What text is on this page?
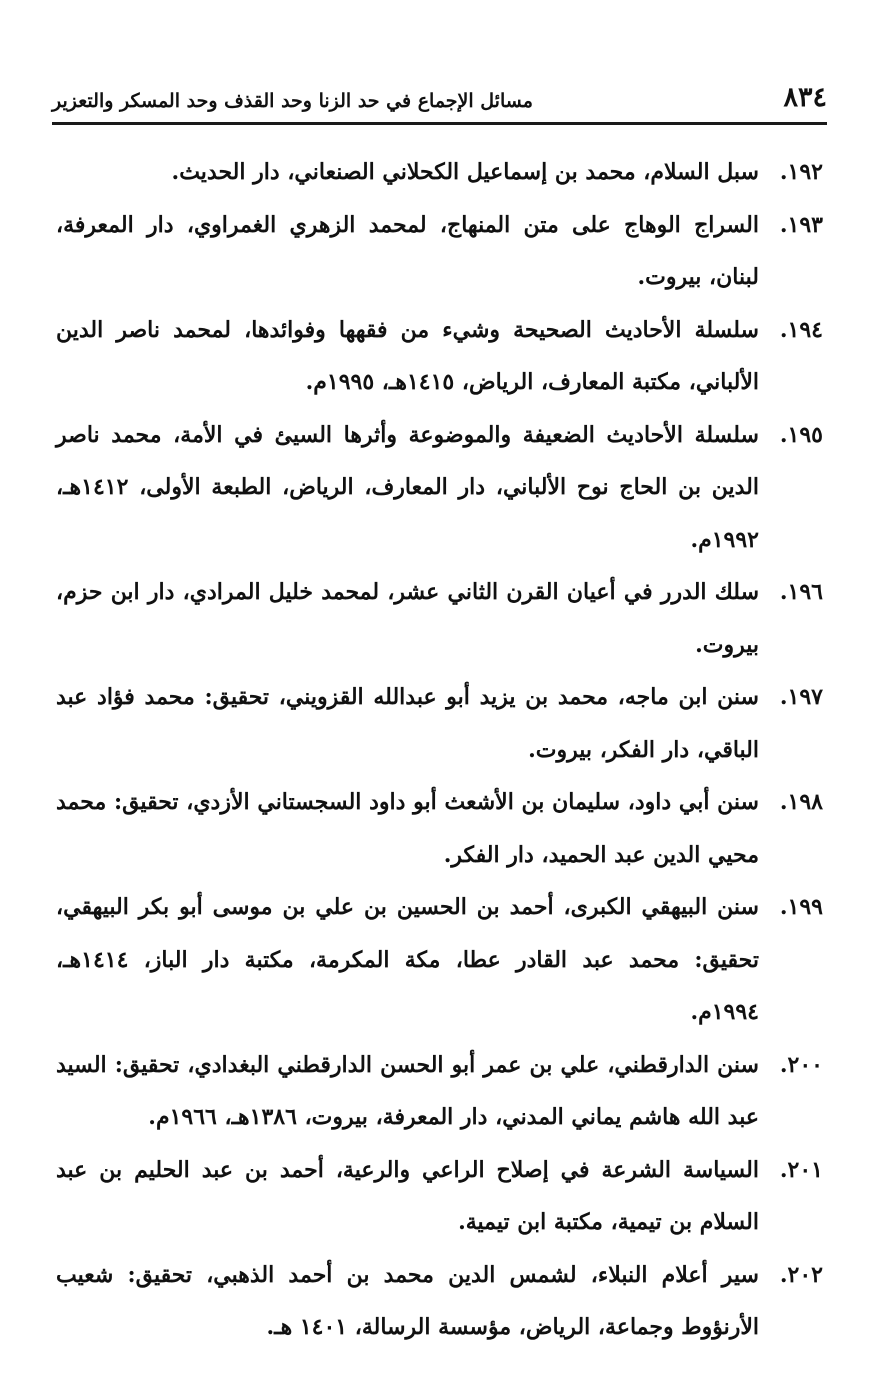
٨٣٤
مسائل الإجماع في حد الزنا وحد القذف وحد المسكر والتعزير
١٩٢.
سبل السلام، محمد بن إسماعيل الكحلاني الصنعاني، دار الحديث.
١٩٣.
السراج الوهاج على متن المنهاج، لمحمد الزهري الغمراوي، دار المعرفة، لبنان، بيروت.
١٩٤.
سلسلة الأحاديث الصحيحة وشيء من فقهها وفوائدها، لمحمد ناصر الدين الألباني، مكتبة المعارف، الرياض، ١٤١٥هـ، ١٩٩٥م.
١٩٥.
سلسلة الأحاديث الضعيفة والموضوعة وأثرها السيئ في الأمة، محمد ناصر الدين بن الحاج نوح الألباني، دار المعارف، الرياض، الطبعة الأولى، ١٤١٢هـ، ١٩٩٢م.
١٩٦.
سلك الدرر في أعيان القرن الثاني عشر، لمحمد خليل المرادي، دار ابن حزم، بيروت.
١٩٧.
سنن ابن ماجه، محمد بن يزيد أبو عبدالله القزويني، تحقيق: محمد فؤاد عبد الباقي، دار الفكر، بيروت.
١٩٨.
سنن أبي داود، سليمان بن الأشعث أبو داود السجستاني الأزدي، تحقيق: محمد محيي الدين عبد الحميد، دار الفكر.
١٩٩.
سنن البيهقي الكبرى، أحمد بن الحسين بن علي بن موسى أبو بكر البيهقي، تحقيق: محمد عبد القادر عطا، مكة المكرمة، مكتبة دار الباز، ١٤١٤هـ، ١٩٩٤م.
٢٠٠.
سنن الدارقطني، علي بن عمر أبو الحسن الدارقطني البغدادي، تحقيق: السيد عبد الله هاشم يماني المدني، دار المعرفة، بيروت، ١٣٨٦هـ، ١٩٦٦م.
٢٠١.
السياسة الشرعة في إصلاح الراعي والرعية، أحمد بن عبد الحليم بن عبد السلام بن تيمية، مكتبة ابن تيمية.
٢٠٢.
سير أعلام النبلاء، لشمس الدين محمد بن أحمد الذهبي، تحقيق: شعيب الأرنؤوط وجماعة، الرياض، مؤسسة الرسالة، ١٤٠١ هـ.
